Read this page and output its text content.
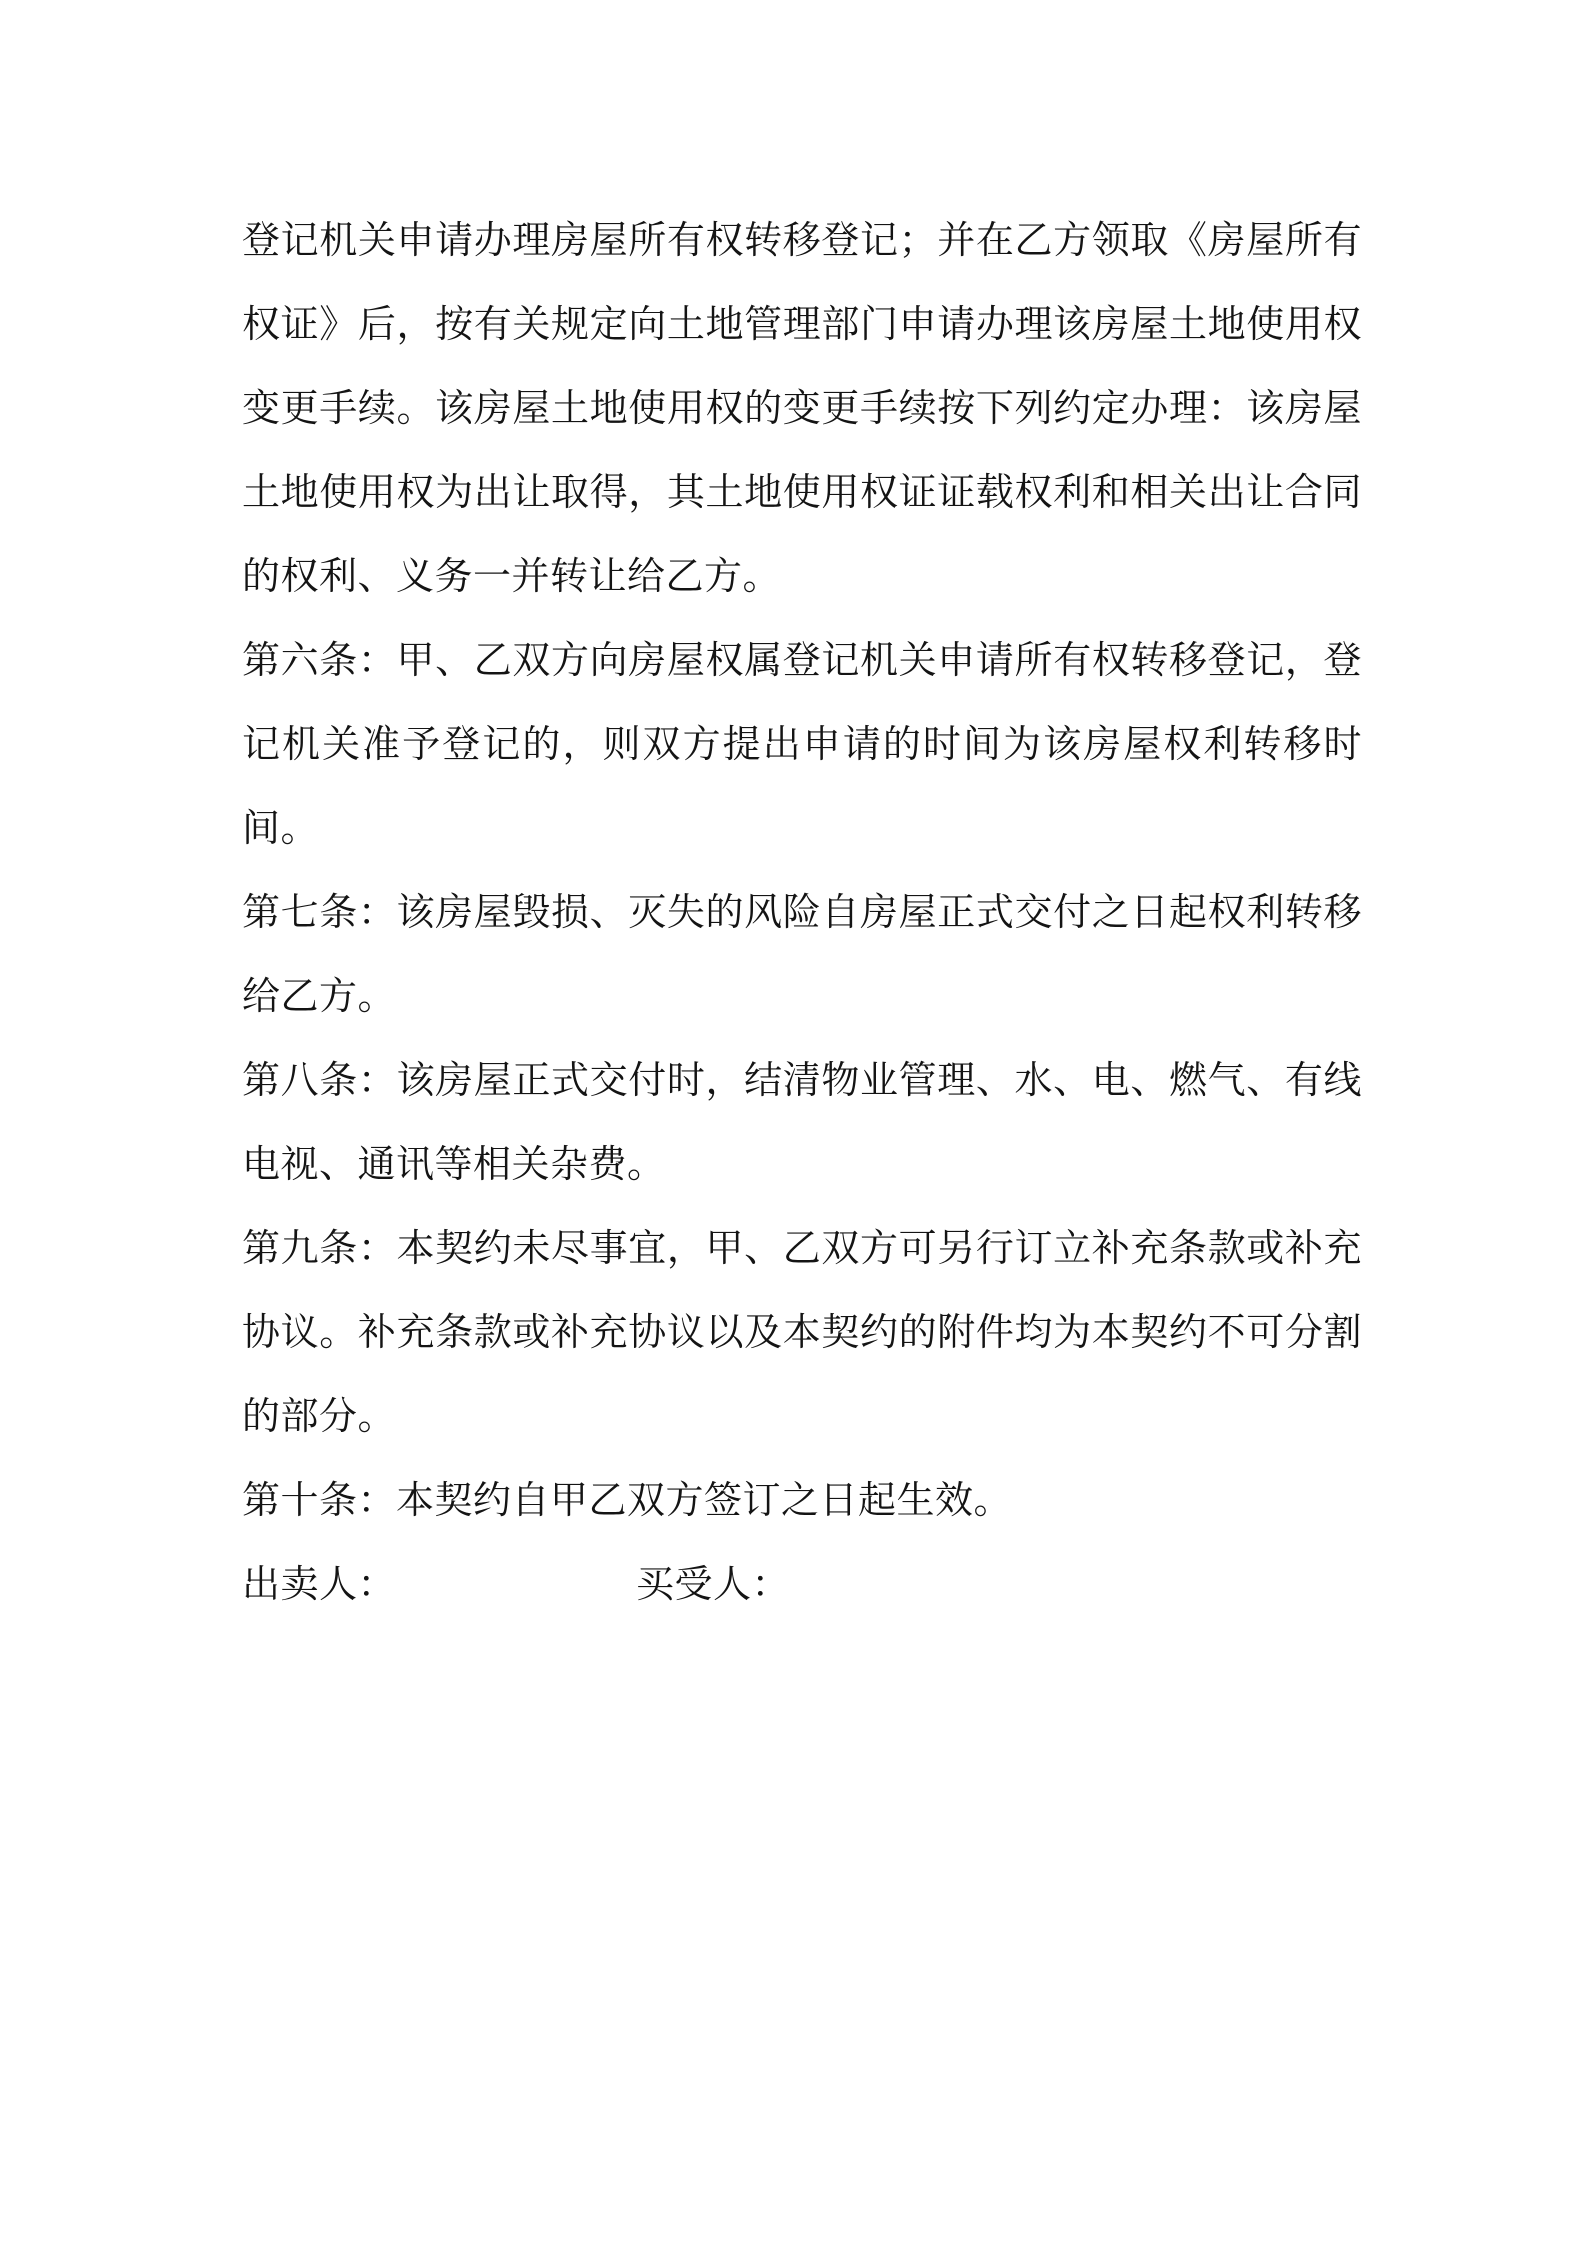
登记机关申请办理房屋所有权转移登记；并在乙方领取《房屋所有权证》后，按有关规定向土地管理部门申请办理该房屋土地使用权变更手续。该房屋土地使用权的变更手续按下列约定办理：该房屋土地使用权为出让取得，其土地使用权证证载权利和相关出让合同的权利、义务一并转让给乙方。

第六条：甲、乙双方向房屋权属登记机关申请所有权转移登记，登记机关准予登记的，则双方提出申请的时间为该房屋权利转移时间。

第七条：该房屋毁损、灭失的风险自房屋正式交付之日起权利转移给乙方。

第八条：该房屋正式交付时，结清物业管理、水、电、燃气、有线电视、通讯等相关杂费。

第九条：本契约未尽事宜，甲、乙双方可另行订立补充条款或补充协议。补充条款或补充协议以及本契约的附件均为本契约不可分割的部分。

第十条：本契约自甲乙双方签订之日起生效。

出卖人：	买受人：
